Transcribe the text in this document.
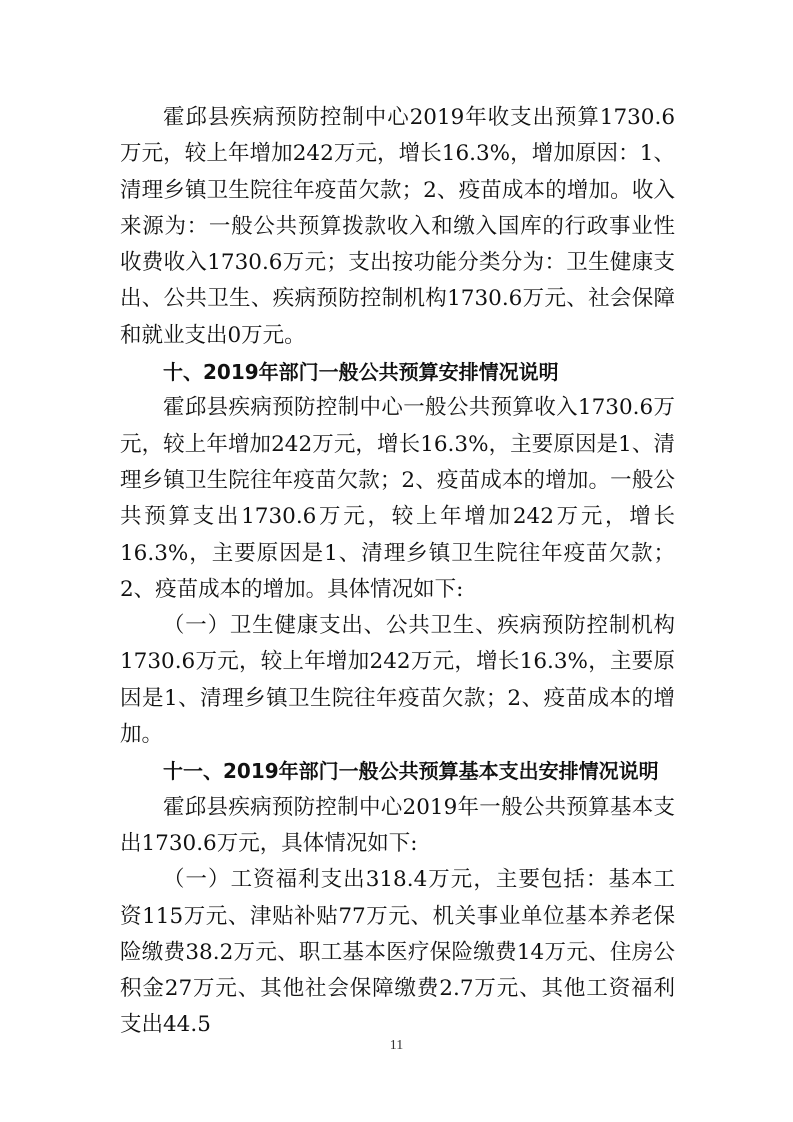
霍邱县疾病预防控制中心2019年收支出预算1730.6万元，较上年增加242万元，增长16.3%，增加原因：1、清理乡镇卫生院往年疫苗欠款；2、疫苗成本的增加。收入来源为：一般公共预算拨款收入和缴入国库的行政事业性收费收入1730.6万元；支出按功能分类分为：卫生健康支出、公共卫生、疾病预防控制机构1730.6万元、社会保障和就业支出0万元。

十、2019年部门一般公共预算安排情况说明

霍邱县疾病预防控制中心一般公共预算收入1730.6万元，较上年增加242万元，增长16.3%，主要原因是1、清理乡镇卫生院往年疫苗欠款；2、疫苗成本的增加。一般公共预算支出1730.6万元，较上年增加242万元，增长16.3%，主要原因是1、清理乡镇卫生院往年疫苗欠款；2、疫苗成本的增加。具体情况如下:

（一）卫生健康支出、公共卫生、疾病预防控制机构1730.6万元，较上年增加242万元，增长16.3%，主要原因是1、清理乡镇卫生院往年疫苗欠款；2、疫苗成本的增加。

十一、2019年部门一般公共预算基本支出安排情况说明

霍邱县疾病预防控制中心2019年一般公共预算基本支出1730.6万元，具体情况如下:

（一）工资福利支出318.4万元，主要包括：基本工资115万元、津贴补贴77万元、机关事业单位基本养老保险缴费38.2万元、职工基本医疗保险缴费14万元、住房公积金27万元、其他社会保障缴费2.7万元、其他工资福利支出44.5

11
